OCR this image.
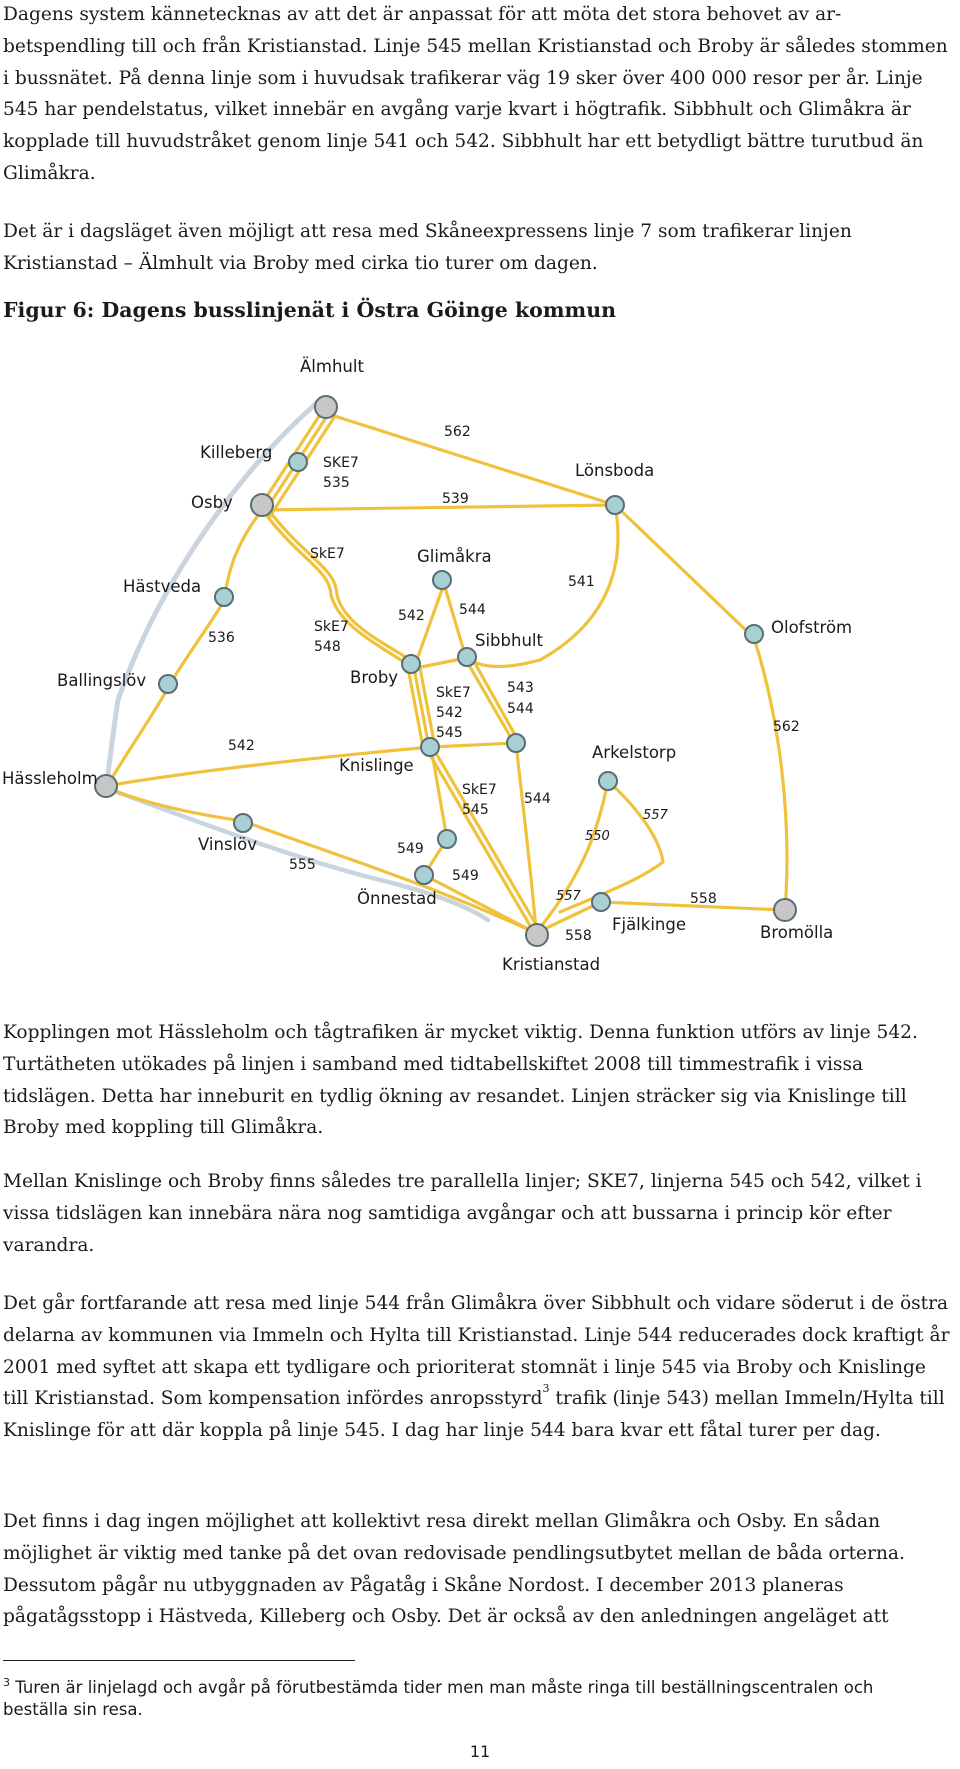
Dagens system kännetecknas av att det är anpassat för att möta det stora behovet av ar-betspendling till och från Kristianstad. Linje 545 mellan Kristianstad och Broby är således stommen i bussnätet. På denna linje som i huvudsak trafikerar väg 19 sker över 400 000 resor per år. Linje 545 har pendelstatus, vilket innebär en avgång varje kvart i högtrafik. Sibbhult och Glimåkra är kopplade till huvudstråket genom linje 541 och 542. Sibbhult har ett betydligt bättre turutbud än Glimåkra.

Det är i dagsläget även möjligt att resa med Skåneexpressens linje 7 som trafikerar linjen Kristianstad – Älmhult via Broby med cirka tio turer om dagen.

Figur 6: Dagens busslinjenät i Östra Göinge kommun
Älmhult
Killeberg
Osby
Lönsboda
Hästveda
Glimåkra
Sibbhult
Olofström
Ballingslöv	Broby
Knislinge
Arkelstorp
Hässleholm
Vinslöv
Önnestad
Fjälkinge	Bromölla
Kristianstad
562
539
SKE7
535
SkE7
SkE7
548
542 544
541
536
543
544
SkE7
542
545
542
562
SkE7
545
544
557
550
549
549
555
557	558
558

Kopplingen mot Hässleholm och tågtrafiken är mycket viktig. Denna funktion utförs av linje 542. Turtätheten utökades på linjen i samband med tidtabellskiftet 2008 till timmestrafik i vissa tidslägen. Detta har inneburit en tydlig ökning av resandet. Linjen sträcker sig via Knislinge till Broby med koppling till Glimåkra.

Mellan Knislinge och Broby finns således tre parallella linjer; SKE7, linjerna 545 och 542, vilket i vissa tidslägen kan innebära nära nog samtidiga avgångar och att bussarna i princip kör efter varandra.

Det går fortfarande att resa med linje 544 från Glimåkra över Sibbhult och vidare söderut i de östra delarna av kommunen via Immeln och Hylta till Kristianstad. Linje 544 reducerades dock kraftigt år 2001 med syftet att skapa ett tydligare och prioriterat stomnät i linje 545 via Broby och Knislinge till Kristianstad. Som kompensation infördes anropsstyrd$^3$ trafik (linje 543) mellan Immeln/Hylta till Knislinge för att där koppla på linje 545. I dag har linje 544 bara kvar ett fåtal turer per dag.

Det finns i dag ingen möjlighet att kollektivt resa direkt mellan Glimåkra och Osby. En sådan möjlighet är viktig med tanke på det ovan redovisade pendlingsutbytet mellan de båda orterna. Dessutom pågår nu utbyggnaden av Pågatåg i Skåne Nordost. I december 2013 planeras pågatågsstopp i Hästveda, Killeberg och Osby. Det är också av den anledningen angeläget att

$^3$ Turen är linjelagd och avgår på förutbestämda tider men man måste ringa till beställningscentralen och beställa sin resa.

11
